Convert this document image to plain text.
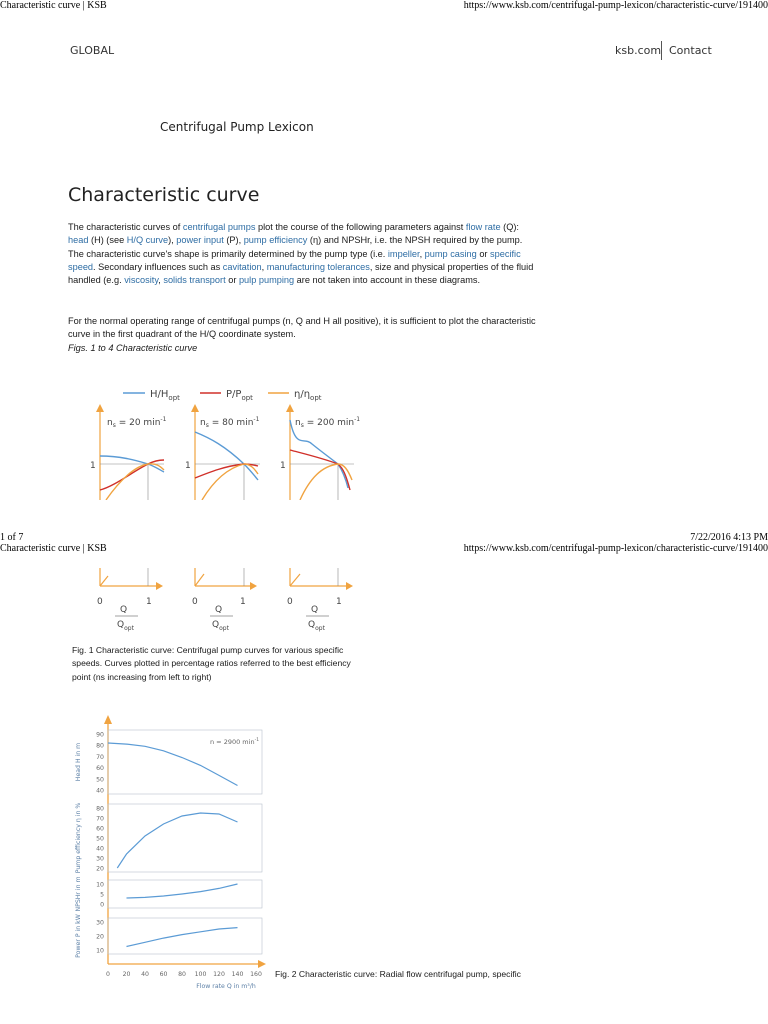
Characteristic curve | KSB	https://www.ksb.com/centrifugal-pump-lexicon/characteristic-curve/191400
GLOBAL	ksb.com Contact
Centrifugal Pump Lexicon
Characteristic curve
The characteristic curves of centrifugal pumps plot the course of the following parameters against flow rate (Q): head (H) (see H/Q curve), power input (P), pump efficiency (η) and NPSHr, i.e. the NPSH required by the pump. The characteristic curve's shape is primarily determined by the pump type (i.e. impeller, pump casing or specific speed. Secondary influences such as cavitation, manufacturing tolerances, size and physical properties of the fluid handled (e.g. viscosity, solids transport or pulp pumping are not taken into account in these diagrams.

For the normal operating range of centrifugal pumps (n, Q and H all positive), it is sufficient to plot the characteristic curve in the first quadrant of the H/Q coordinate system.

Figs. 1 to 4 Characteristic curve

$H/H_{opt}$	$P/P_{opt}$	$\eta/\eta_{opt}$
$n_s = 20$ $\min^{-1}$
1
$n_s = 80$ $\min^{-1}$
1
$n_s = 200$ $\min^{-1}$
1
1 of 7	7/22/2016 4:13 PM
Characteristic curve | KSB	https://www.ksb.com/centrifugal-pump-lexicon/characteristic-curve/191400
0	1
Q
$Q_{opt}$
0	1
Q
$Q_{opt}$
0	1
Q
$Q_{opt}$
Fig. 1 Characteristic curve: Centrifugal pump curves for various specific speeds. Curves plotted in percentage ratios referred to the best efficiency point (ns increasing from left to right)
90
80
70
60
50
40
Head H in m
80
70
60
50
40
30
20
Pump efficiency η in %
10
5
0
NPSHr in m
30
20
10
Power P in kW
n = 2900 $\min^{-1}$
0 20 40 60 80 100 120 140 160
Flow rate Q in m³/h
Fig. 2 Characteristic curve: Radial flow centrifugal pump, specific
